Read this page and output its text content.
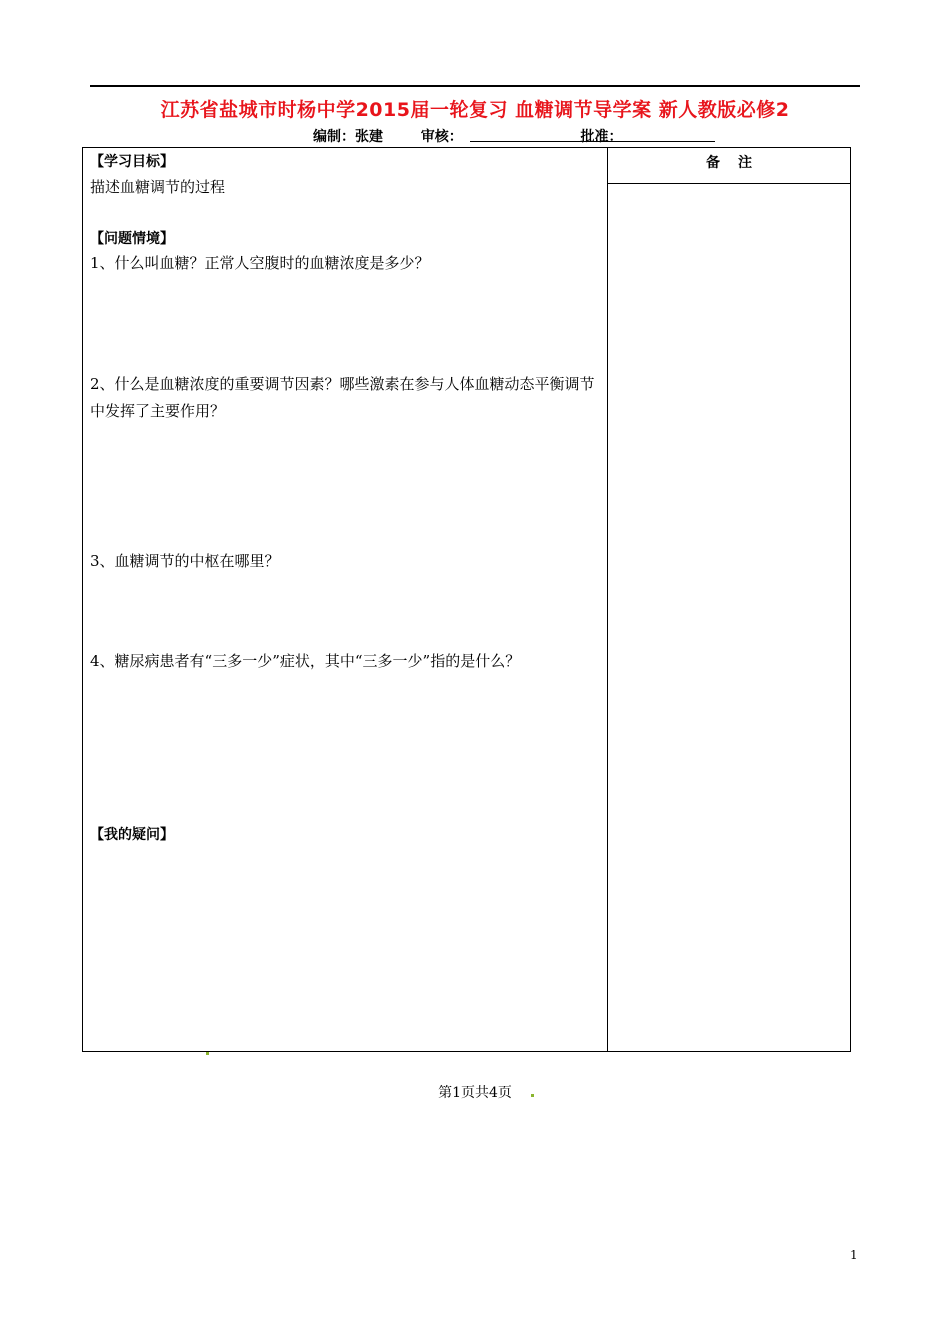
江苏省盐城市时杨中学2015届一轮复习 血糖调节导学案 新人教版必修2
编制：张建	审核：	批准：
备注
【学习目标】
描述血糖调节的过程
【问题情境】
1、什么叫血糖？正常人空腹时的血糖浓度是多少？
2、什么是血糖浓度的重要调节因素？哪些激素在参与人体血糖动态平衡调节中发挥了主要作用？
3、血糖调节的中枢在哪里？
4、糖尿病患者有“三多一少”症状，其中“三多一少”指的是什么？
【我的疑问】
第1页共4页
1
